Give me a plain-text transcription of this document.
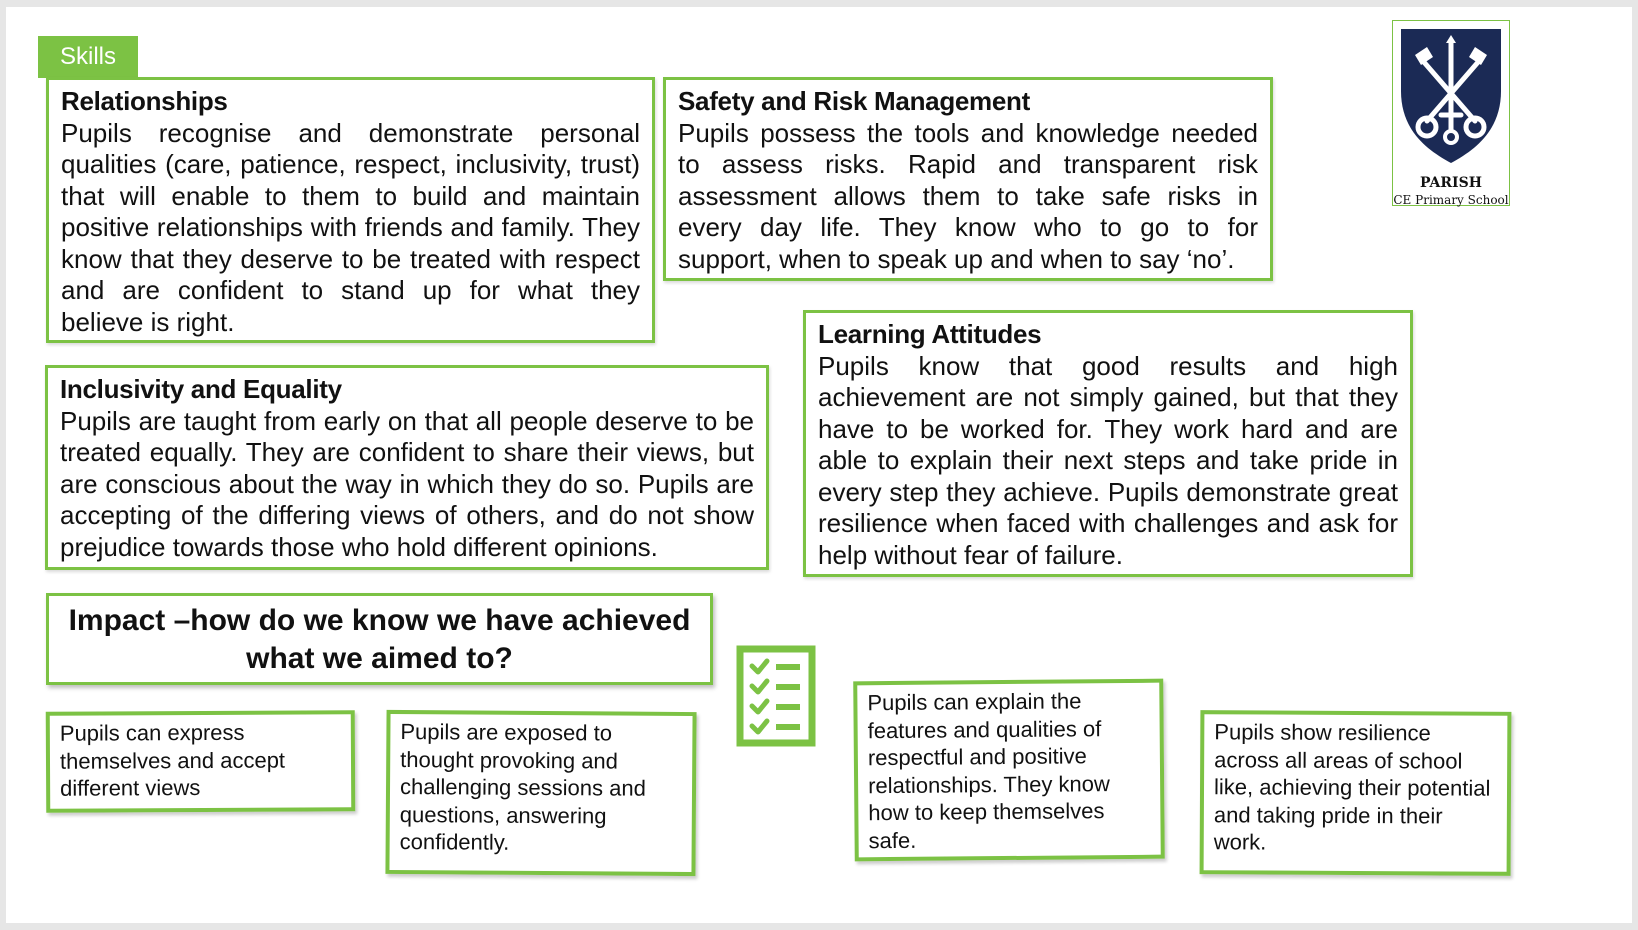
Skills
Relationships
Pupils recognise and demonstrate personal qualities (care, patience, respect, inclusivity, trust) that will enable to them to build and maintain positive relationships with friends and family. They know that they deserve to be treated with respect and are confident to stand up for what they believe is right.
Safety and Risk Management
Pupils possess the tools and knowledge needed to assess risks. Rapid and transparent risk assessment allows them to take safe risks in every day life. They know who to go to for support, when to speak up and when to say ‘no’.
Learning Attitudes
Pupils know that good results and high achievement are not simply gained, but that they have to be worked for. They work hard and are able to explain their next steps and take pride in every step they achieve. Pupils demonstrate great resilience when faced with challenges and ask for help without fear of failure.
Inclusivity and Equality
Pupils are taught from early on that all people deserve to be treated equally. They are confident to share their views, but are conscious about the way in which they do so. Pupils are accepting of the differing views of others, and do not show prejudice towards those who hold different opinions.
Impact –how do we know we have achieved
what we aimed to?
Pupils can express themselves and accept different views
Pupils are exposed to thought provoking and challenging sessions and questions, answering confidently.
Pupils can explain the features and qualities of respectful and positive relationships. They know how to keep themselves safe.
Pupils show resilience across all areas of school like, achieving their potential and taking pride in their work.
PARISH
CE Primary School
